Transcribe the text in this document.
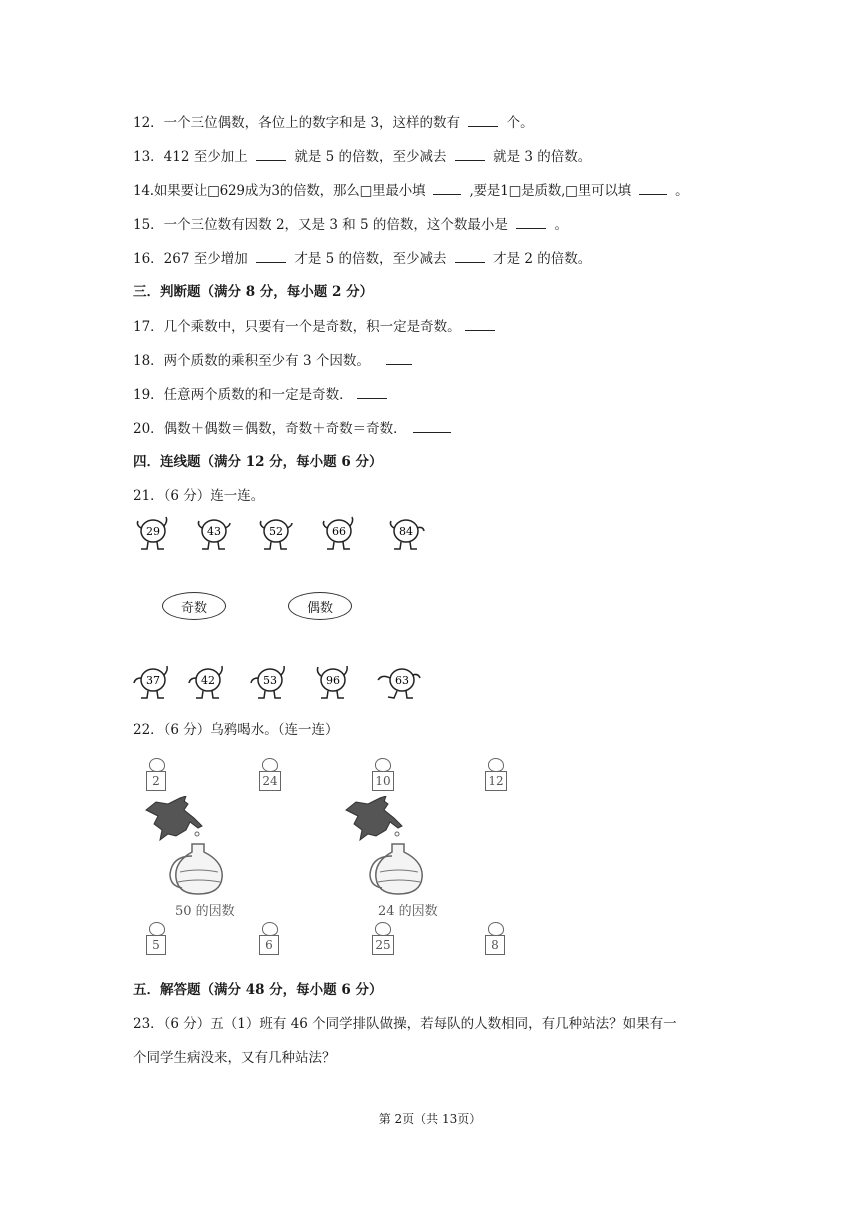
12．一个三位偶数，各位上的数字和是 3，这样的数有	个。
13．412 至少加上	就是 5 的倍数，至少减去	就是 3 的倍数。
14.如果要让□629成为3的倍数，那么□里最小填	,要是1□是质数,□里可以填	。
15．一个三位数有因数 2，又是 3 和 5 的倍数，这个数最小是	。
16．267 至少增加	才是 5 的倍数，至少减去	才是 2 的倍数。
三．判断题（满分 8 分，每小题 2 分）
17．几个乘数中，只要有一个是奇数，积一定是奇数。
18．两个质数的乘积至少有 3 个因数。
19．任意两个质数的和一定是奇数．
20．偶数＋偶数＝偶数，奇数＋奇数＝奇数．
四．连线题（满分 12 分，每小题 6 分）
21．（6 分）连一连。
29	43	52	66	84
奇数	偶数
37	42	53	96	63
22．（6 分）乌鸦喝水。（连一连）
2	24	10	12
50 的因数	24 的因数
5	6	25	8
五．解答题（满分 48 分，每小题 6 分）
23．（6 分）五（1）班有 46 个同学排队做操，若每队的人数相同，有几种站法？如果有一
个同学生病没来，又有几种站法？
第 2页（共 13页）
